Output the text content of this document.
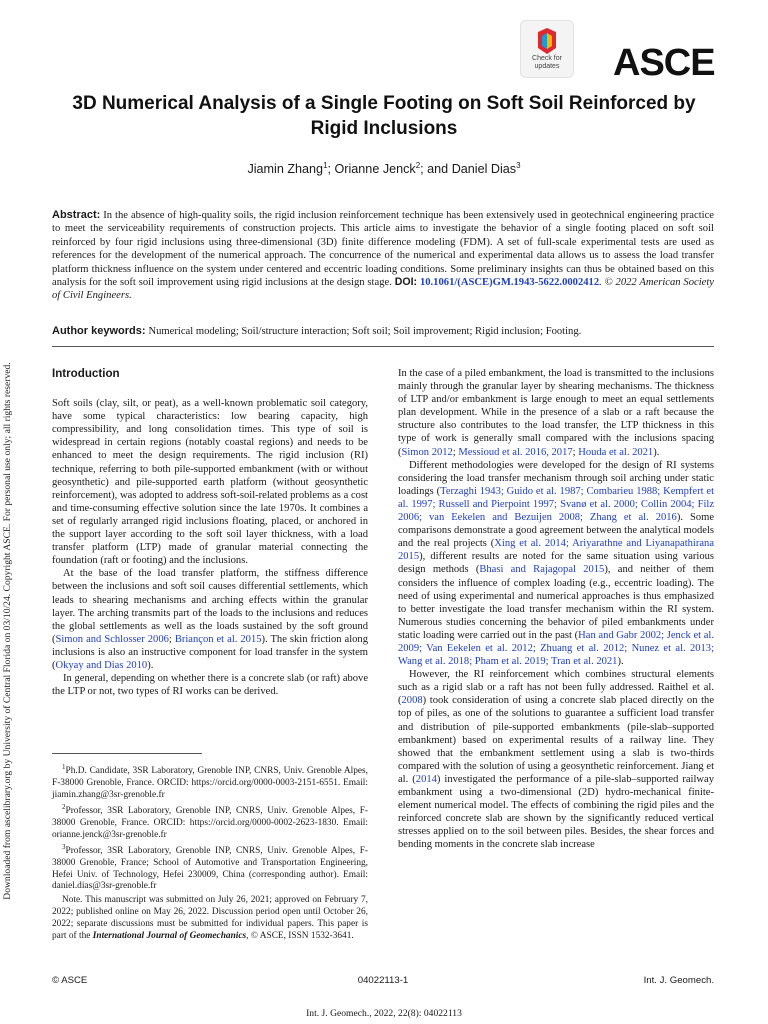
Downloaded from ascelibrary.org by University of Central Florida on 03/10/24. Copyright ASCE. For personal use only; all rights reserved.
Check for
updates	ASCE
3D Numerical Analysis of a Single Footing on Soft Soil Reinforced by Rigid Inclusions
Jiamin Zhang$^1$; Orianne Jenck$^2$; and Daniel Dias$^3$
Abstract: In the absence of high-quality soils, the rigid inclusion reinforcement technique has been extensively used in geotechnical engineering practice to meet the serviceability requirements of construction projects. This article aims to investigate the behavior of a single footing placed on soft soil reinforced by four rigid inclusions using three-dimensional (3D) finite difference modeling (FDM). A set of full-scale experimental tests are used as references for the development of the numerical approach. The concurrence of the numerical and experimental data allows us to assess the load transfer platform thickness influence on the system under centered and eccentric loading conditions. Some preliminary insights can thus be obtained based on this analysis for the soft soil improvement using rigid inclusions at the design stage. DOI: 10.1061/(ASCE)GM.1943-5622.0002412. © 2022 American Society of Civil Engineers.
Author keywords: Numerical modeling; Soil/structure interaction; Soft soil; Soil improvement; Rigid inclusion; Footing.
Introduction

Soft soils (clay, silt, or peat), as a well-known problematic soil category, have some typical characteristics: low bearing capacity, high compressibility, and long consolidation times. This type of soil is widespread in certain regions (notably coastal regions) and needs to be enhanced to meet the design requirements. The rigid inclusion (RI) technique, referring to both pile-supported embankment (with or without geosynthetic) and pile-supported earth platform (without geosynthetic reinforcement), was adopted to address soft-soil-related problems as a cost and time-consuming effective solution since the late 1970s. It combines a set of regularly arranged rigid inclusions floating, placed, or anchored in the support layer according to the soft soil layer thickness, with a load transfer platform (LTP) made of granular material connecting the foundation (raft or footing) and the inclusions.

At the base of the load transfer platform, the stiffness difference between the inclusions and soft soil causes differential settlements, which leads to shearing mechanisms and arching effects within the granular layer. The arching transmits part of the loads to the inclusions and reduces the global settlements as well as the loads sustained by the soft ground (Simon and Schlosser 2006; Briançon et al. 2015). The skin friction along inclusions is also an instructive component for load transfer in the system (Okyay and Dias 2010).

In general, depending on whether there is a concrete slab (or raft) above the LTP or not, two types of RI works can be derived.

$^1$Ph.D. Candidate, 3SR Laboratory, Grenoble INP, CNRS, Univ. Grenoble Alpes, F-38000 Grenoble, France. ORCID: https://orcid.org/0000-0003-2151-6551. Email: jiamin.zhang@3sr-grenoble.fr

$^2$Professor, 3SR Laboratory, Grenoble INP, CNRS, Univ. Grenoble Alpes, F-38000 Grenoble, France. ORCID: https://orcid.org/0000-0002-2623-1830. Email: orianne.jenck@3sr-grenoble.fr

$^3$Professor, 3SR Laboratory, Grenoble INP, CNRS, Univ. Grenoble Alpes, F-38000 Grenoble, France; School of Automotive and Transportation Engineering, Hefei Univ. of Technology, Hefei 230009, China (corresponding author). Email: daniel.dias@3sr-grenoble.fr

Note. This manuscript was submitted on July 26, 2021; approved on February 7, 2022; published online on May 26, 2022. Discussion period open until October 26, 2022; separate discussions must be submitted for individual papers. This paper is part of the International Journal of Geomechanics, © ASCE, ISSN 1532-3641.

In the case of a piled embankment, the load is transmitted to the inclusions mainly through the granular layer by shearing mechanisms. The thickness of LTP and/or embankment is large enough to meet an equal settlements plan development. While in the presence of a slab or a raft because the structure also contributes to the load transfer, the LTP thickness in this type of work is generally small compared with the inclusions spacing (Simon 2012; Messioud et al. 2016, 2017; Houda et al. 2021).

Different methodologies were developed for the design of RI systems considering the load transfer mechanism through soil arching under static loadings (Terzaghi 1943; Guido et al. 1987; Combarieu 1988; Kempfert et al. 1997; Russell and Pierpoint 1997; Svanø et al. 2000; Collin 2004; Filz 2006; van Eekelen and Bezuijen 2008; Zhang et al. 2016). Some comparisons demonstrate a good agreement between the analytical models and the real projects (Xing et al. 2014; Ariyarathne and Liyanapathirana 2015), different results are noted for the same situation using various design methods (Bhasi and Rajagopal 2015), and neither of them considers the influence of complex loading (e.g., eccentric loading). The need of using experimental and numerical approaches is thus emphasized to better investigate the load transfer mechanism within the RI system. Numerous studies concerning the behavior of piled embankments under static loading were carried out in the past (Han and Gabr 2002; Jenck et al. 2009; Van Eekelen et al. 2012; Zhuang et al. 2012; Nunez et al. 2013; Wang et al. 2018; Pham et al. 2019; Tran et al. 2021).

However, the RI reinforcement which combines structural elements such as a rigid slab or a raft has not been fully addressed. Raithel et al. (2008) took consideration of using a concrete slab placed directly on the top of piles, as one of the solutions to guarantee a sufficient load transfer and distribution of pile-supported embankments (pile-slab–supported embankment) based on experimental results of a railway line. They showed that the embankment settlement using a slab is two-thirds compared with the solution of using a geosynthetic reinforcement. Jiang et al. (2014) investigated the performance of a pile-slab–supported railway embankment using a two-dimensional (2D) hydro-mechanical finite-element numerical model. The effects of combining the rigid piles and the reinforced concrete slab are shown by the significantly reduced vertical stresses applied on to the soil between piles. Besides, the shear forces and bending moments in the concrete slab increase

© ASCE	04022113-1	Int. J. Geomech.
Int. J. Geomech., 2022, 22(8): 04022113
